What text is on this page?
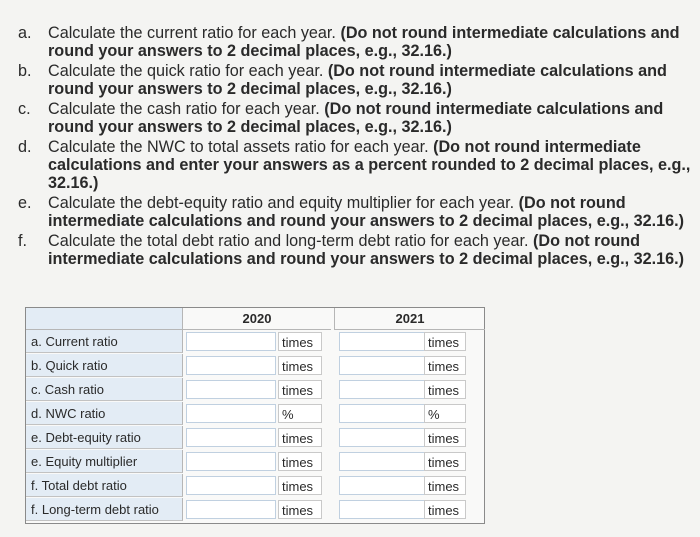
a.	Calculate the current ratio for each year. (Do not round intermediate calculations and round your answers to 2 decimal places, e.g., 32.16.)
b.	Calculate the quick ratio for each year. (Do not round intermediate calculations and round your answers to 2 decimal places, e.g., 32.16.)
c.	Calculate the cash ratio for each year. (Do not round intermediate calculations and round your answers to 2 decimal places, e.g., 32.16.)
d.	Calculate the NWC to total assets ratio for each year. (Do not round intermediate calculations and enter your answers as a percent rounded to 2 decimal places, e.g., 32.16.)
e.	Calculate the debt-equity ratio and equity multiplier for each year. (Do not round intermediate calculations and round your answers to 2 decimal places, e.g., 32.16.)
f.	Calculate the total debt ratio and long-term debt ratio for each year. (Do not round intermediate calculations and round your answers to 2 decimal places, e.g., 32.16.)
2020	2021
a. Current ratio	times	times
b. Quick ratio	times	times
c. Cash ratio	times	times
d. NWC ratio	%	%
e. Debt-equity ratio	times	times
e. Equity multiplier	times	times
f. Total debt ratio	times	times
f. Long-term debt ratio	times	times
